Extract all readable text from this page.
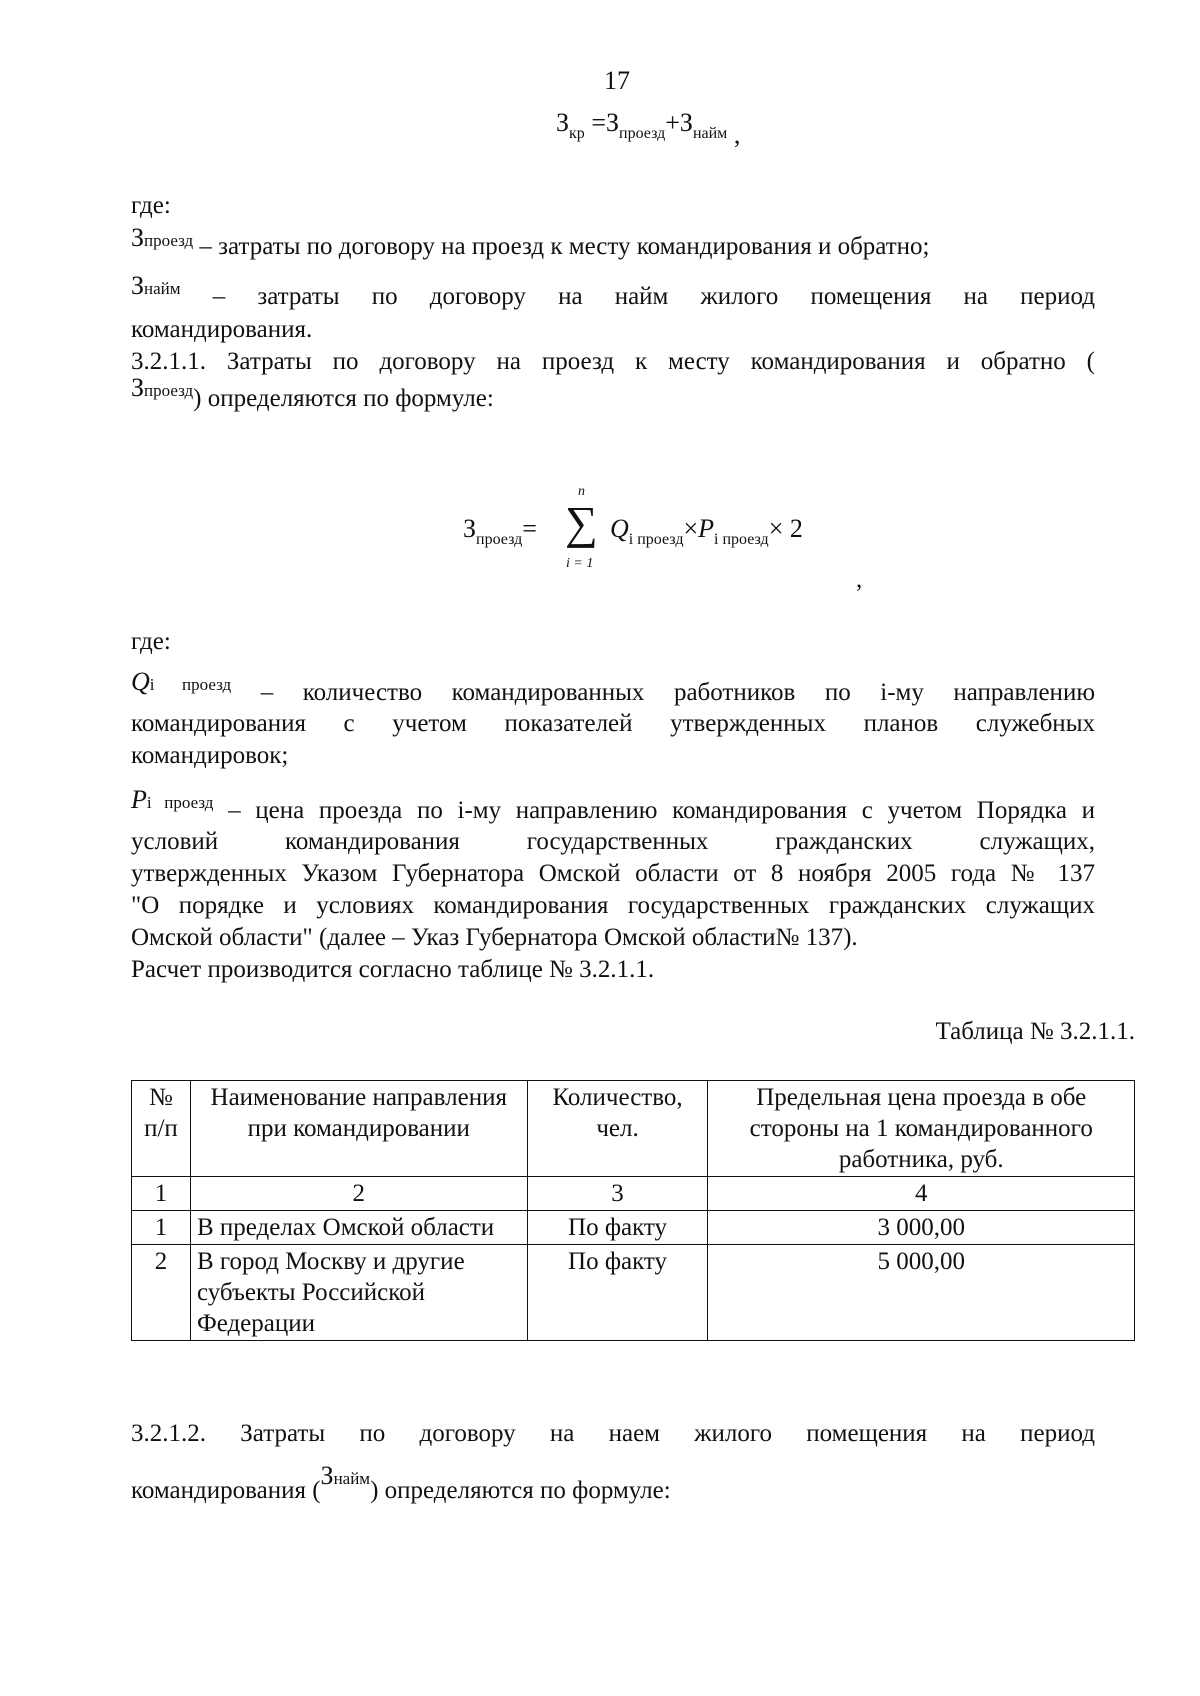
17
$З_{кр} =З_{проезд}+З_{найм}$ ,
где:
Зпроезд – затраты по договору на проезд к месту командирования и обратно;
Знайм – затраты по договору на найм жилого помещения на период
командирования.
3.2.1.1. Затраты по договору на проезд к месту командирования и обратно (
Зпроезд) определяются по формуле:
$З_{проезд}=$
n
∑
i = 1
$Q_{i проезд}\times P_{i проезд}\times 2$
,
где:
Qi проезд – количество командированных работников по i-му направлению
командирования с учетом показателей утвержденных планов служебных
командировок;
Pi проезд – цена проезда по i-му направлению командирования с учетом Порядка и
условий командирования государственных гражданских служащих,
утвержденных Указом Губернатора Омской области от 8 ноября 2005 года № 137
"О порядке и условиях командирования государственных гражданских служащих
Омской области" (далее – Указ Губернатора Омской области№ 137).
Расчет производится согласно таблице № 3.2.1.1.
Таблица № 3.2.1.1.
№ п/п	Наименование направления при командировании	Количество, чел.	Предельная цена проезда в обе стороны на 1 командированного работника, руб.
1	2	3	4
1	В пределах Омской области	По факту	3 000,00
2	В город Москву и другие субъекты Российской Федерации	По факту	5 000,00
3.2.1.2. Затраты по договору на наем жилого помещения на период
командирования (Знайм) определяются по формуле:
